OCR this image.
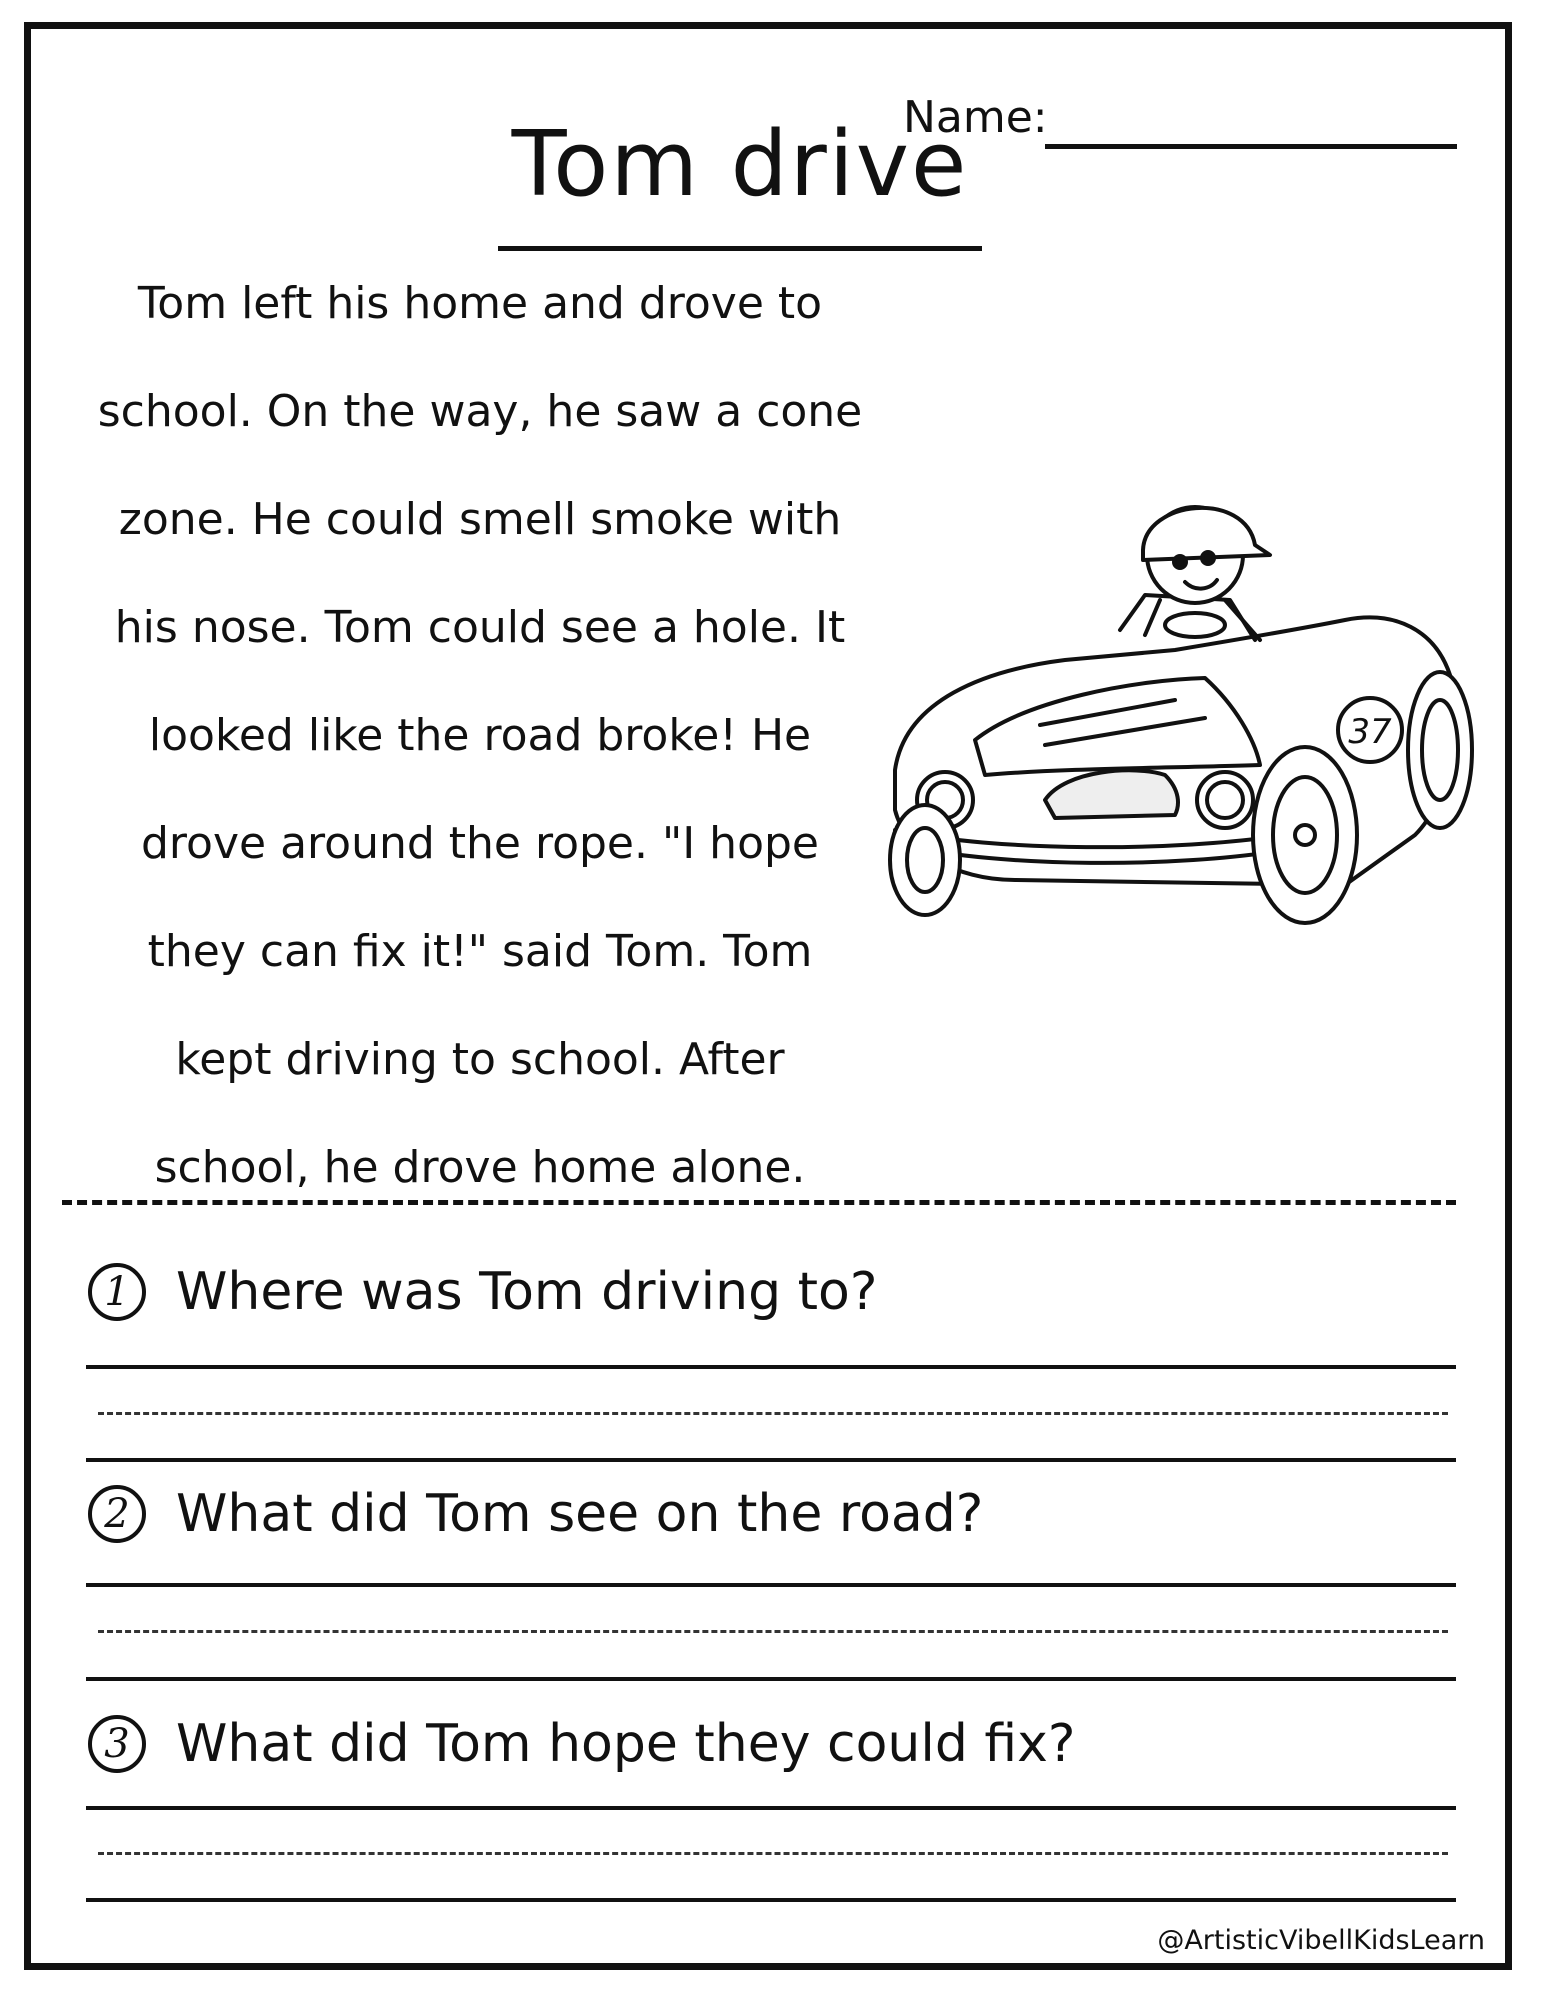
Name:
Tom drive
Tom left his home and drove to
school. On the way, he saw a cone
zone. He could smell smoke with
his nose. Tom could see a hole. It
looked like the road broke! He
drove around the rope. "I hope
they can fix it!" said Tom. Tom
kept driving to school. After
school, he drove home alone.
37
1 Where was Tom driving to?
2 What did Tom see on the road?
3 What did Tom hope they could fix?
@ArtisticVibellKidsLearn
